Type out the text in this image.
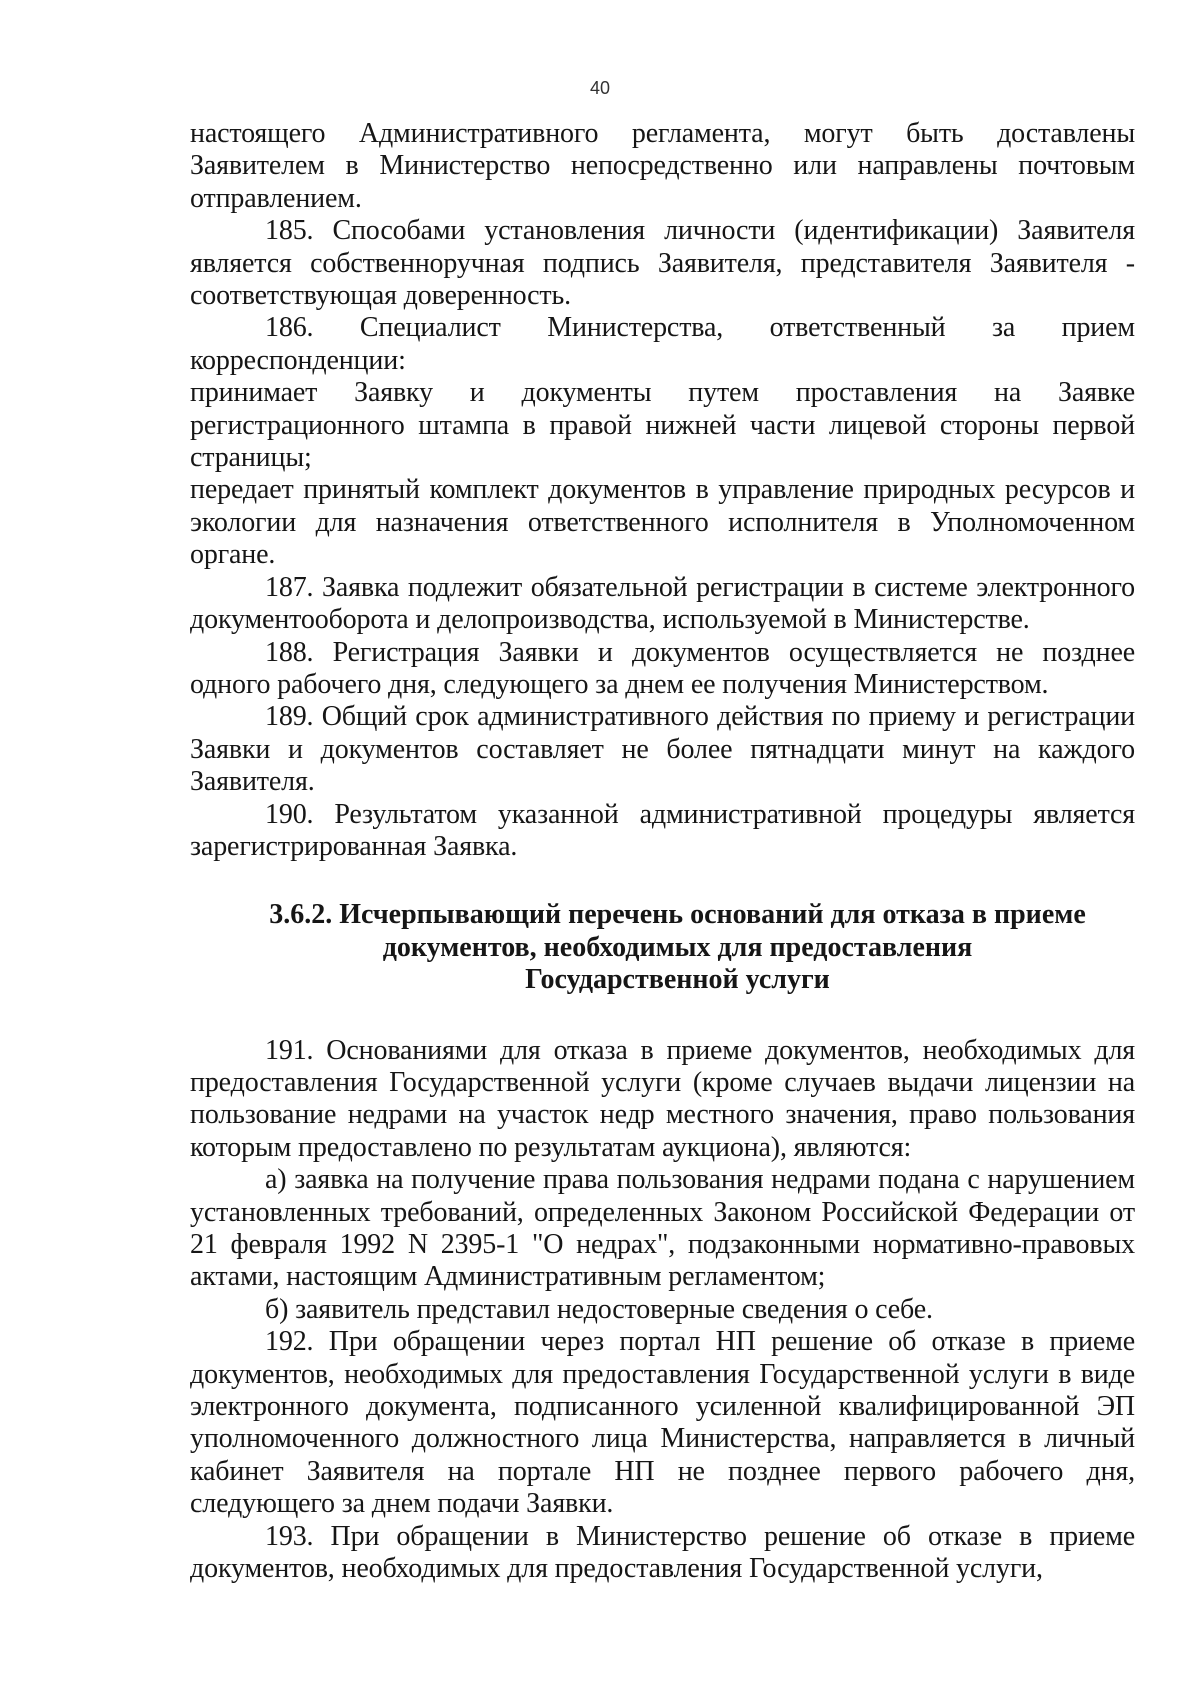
40

настоящего Административного регламента, могут быть доставлены Заявителем в Министерство непосредственно или направлены почтовым отправлением.

185. Способами установления личности (идентификации) Заявителя является собственноручная подпись Заявителя, представителя Заявителя - соответствующая доверенность.

186. Специалист Министерства, ответственный за прием корреспонденции:

принимает Заявку и документы путем проставления на Заявке регистрационного штампа в правой нижней части лицевой стороны первой страницы;

передает принятый комплект документов в управление природных ресурсов и экологии для назначения ответственного исполнителя в Уполномоченном органе.

187. Заявка подлежит обязательной регистрации в системе электронного документооборота и делопроизводства, используемой в Министерстве.

188. Регистрация Заявки и документов осуществляется не позднее одного рабочего дня, следующего за днем ее получения Министерством.

189. Общий срок административного действия по приему и регистрации Заявки и документов составляет не более пятнадцати минут на каждого Заявителя.

190. Результатом указанной административной процедуры является зарегистрированная Заявка.

3.6.2. Исчерпывающий перечень оснований для отказа в приеме
документов, необходимых для предоставления
Государственной услуги

191. Основаниями для отказа в приеме документов, необходимых для предоставления Государственной услуги (кроме случаев выдачи лицензии на пользование недрами на участок недр местного значения, право пользования которым предоставлено по результатам аукциона), являются:

а) заявка на получение права пользования недрами подана с нарушением установленных требований, определенных Законом Российской Федерации от 21 февраля 1992 N 2395-1 "О недрах", подзаконными нормативно-правовых актами, настоящим Административным регламентом;

б) заявитель представил недостоверные сведения о себе.

192. При обращении через портал НП решение об отказе в приеме документов, необходимых для предоставления Государственной услуги в виде электронного документа, подписанного усиленной квалифицированной ЭП уполномоченного должностного лица Министерства, направляется в личный кабинет Заявителя на портале НП не позднее первого рабочего дня, следующего за днем подачи Заявки.

193. При обращении в Министерство решение об отказе в приеме документов, необходимых для предоставления Государственной услуги,
